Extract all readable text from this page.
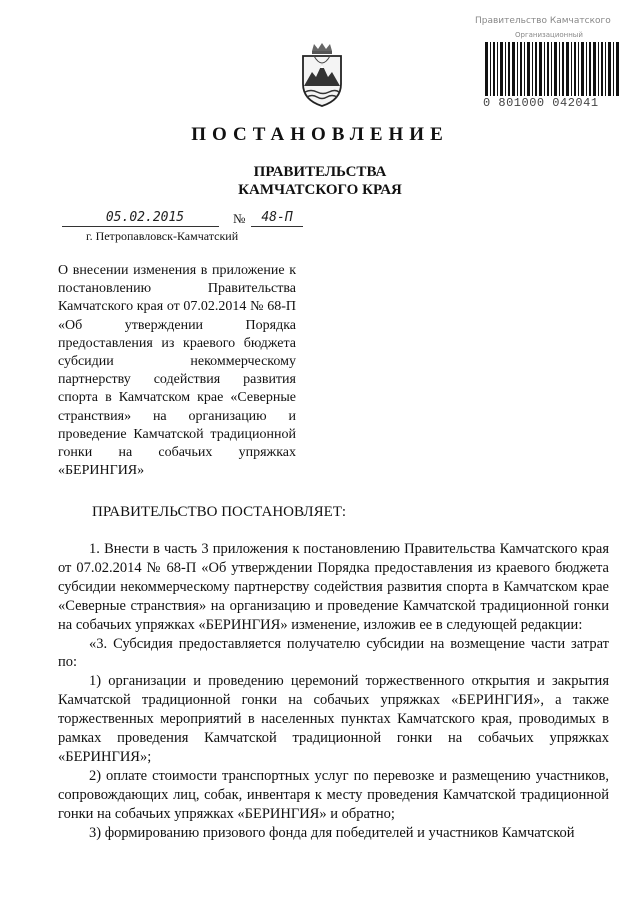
Правительство Камчатского
Организационный
0 801000 042041
ПОСТАНОВЛЕНИЕ
ПРАВИТЕЛЬСТВА
КАМЧАТСКОГО КРАЯ
05.02.2015	№	48-П
г. Петропавловск-Камчатский
О внесении изменения в приложение к постановлению Правительства Камчатского края от 07.02.2014 № 68-П «Об утверждении Порядка предоставления из краевого бюджета субсидии некоммерческому партнерству содействия развития спорта в Камчатском крае «Северные странствия» на организацию и проведение Камчатской традиционной гонки на собачьих упряжках «БЕРИНГИЯ»
ПРАВИТЕЛЬСТВО ПОСТАНОВЛЯЕТ:

1. Внести в часть 3 приложения к постановлению Правительства Камчатского края от 07.02.2014 № 68-П «Об утверждении Порядка предоставления из краевого бюджета субсидии некоммерческому партнерству содействия развития спорта в Камчатском крае «Северные странствия» на организацию и проведение Камчатской традиционной гонки на собачьих упряжках «БЕРИНГИЯ» изменение, изложив ее в следующей редакции:

«3. Субсидия предоставляется получателю субсидии на возмещение части затрат по:

1) организации и проведению церемоний торжественного открытия и закрытия Камчатской традиционной гонки на собачьих упряжках «БЕРИНГИЯ», а также торжественных мероприятий в населенных пунктах Камчатского края, проводимых в рамках проведения Камчатской традиционной гонки на собачьих упряжках «БЕРИНГИЯ»;

2) оплате стоимости транспортных услуг по перевозке и размещению участников, сопровождающих лиц, собак, инвентаря к месту проведения Камчатской традиционной гонки на собачьих упряжках «БЕРИНГИЯ» и обратно;

3) формированию призового фонда для победителей и участников Камчатской
